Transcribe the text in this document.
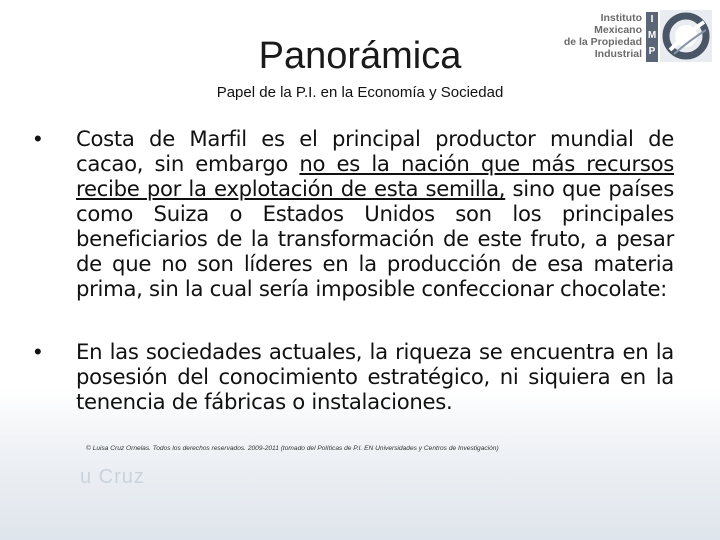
Panorámica
Papel de la P.I. en la Economía y Sociedad
Instituto
Mexicano
de la Propiedad
Industrial
I
M
P
• Costa de Marfil es el principal productor mundial de cacao, sin embargo no es la nación que más recursos recibe por la explotación de esta semilla, sino que países como Suiza o Estados Unidos son los principales beneficiarios de la transformación de este fruto, a pesar de que no son líderes en la producción de esa materia prima, sin la cual sería imposible confeccionar chocolate:
• En las sociedades actuales, la riqueza se encuentra en la posesión del conocimiento estratégico, ni siquiera en la tenencia de fábricas o instalaciones.
© Luisa Cruz Ornelas. Todos los derechos reservados. 2009-2011 (tomado del Políticas de P.I. EN Universidades y Centros de Investigación)
u Cruz
